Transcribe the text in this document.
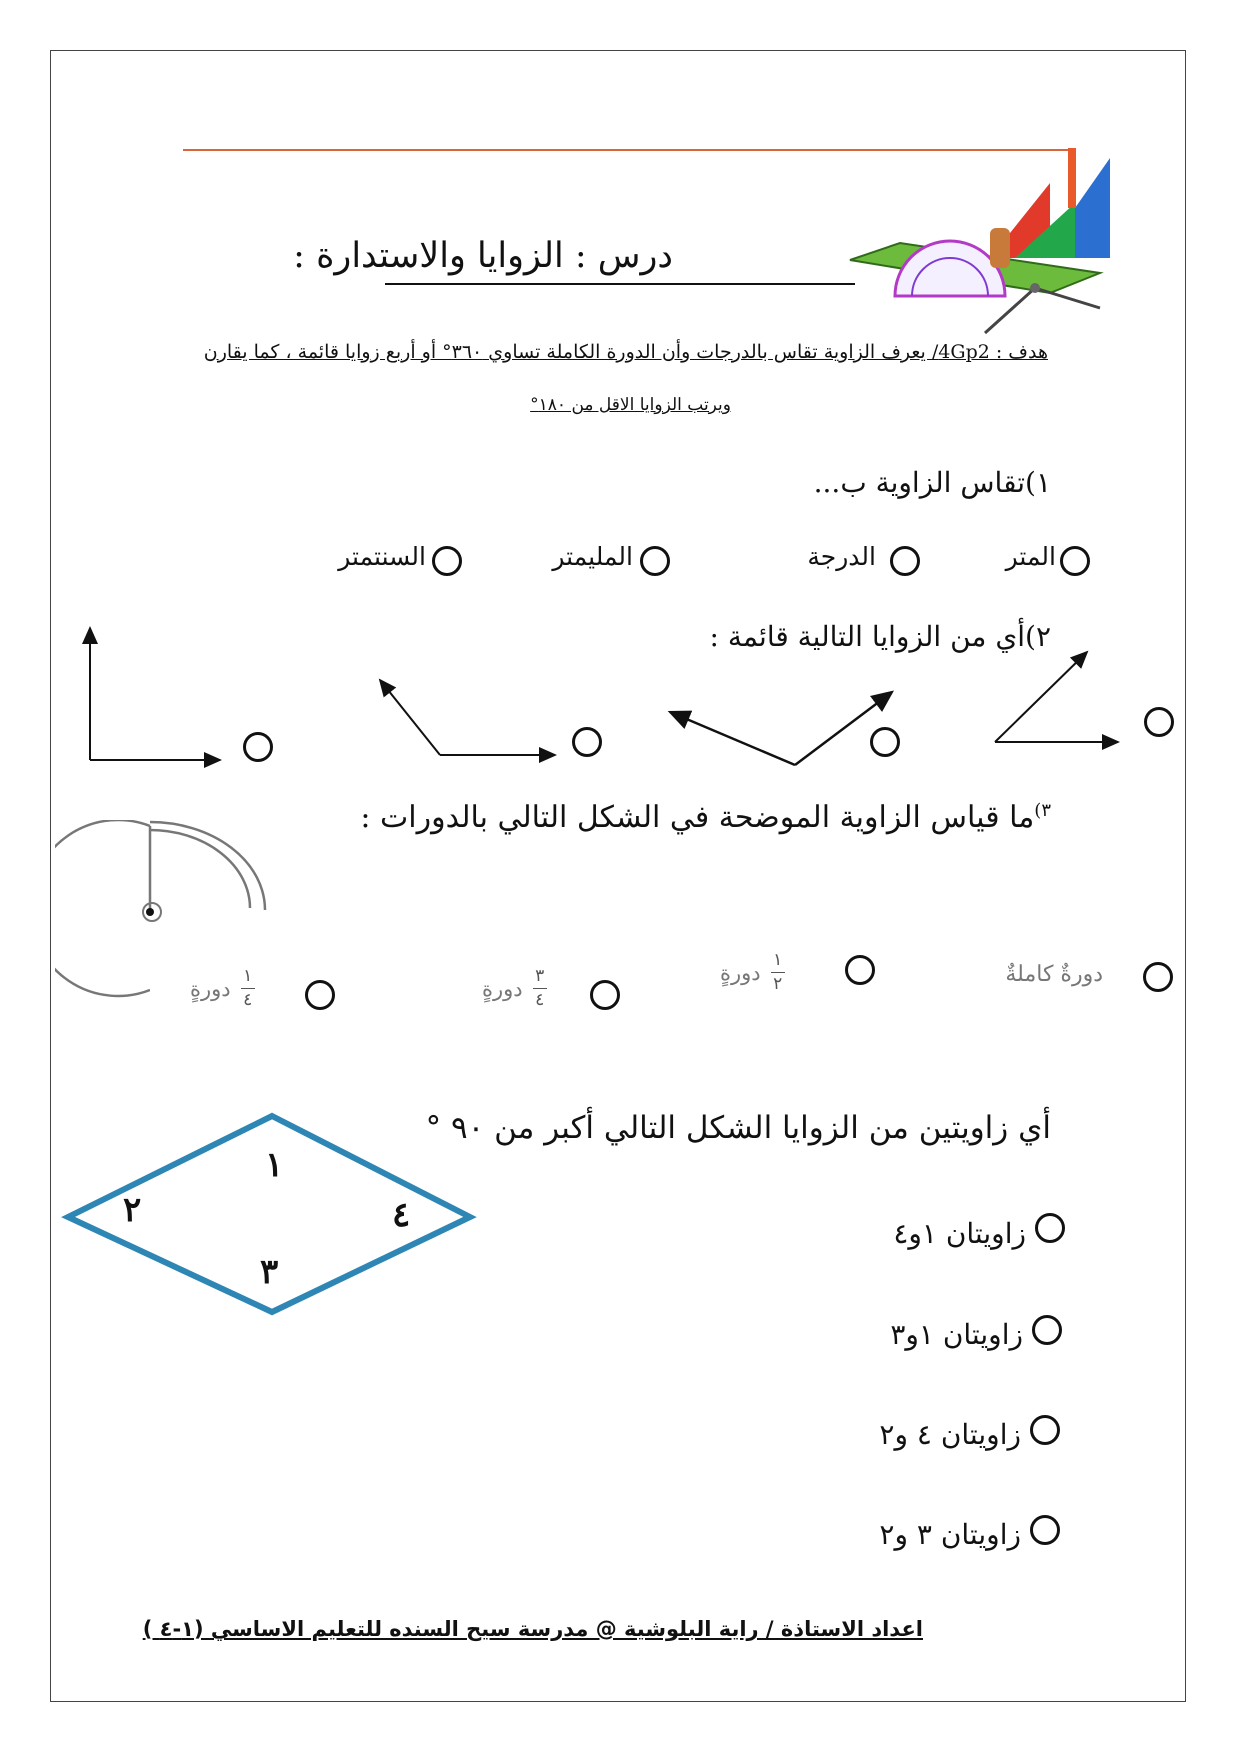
درس : الزوايا والاستدارة :
هدف : 4Gp2/ يعرف الزاوية تقاس بالدرجات وأن الدورة الكاملة تساوي ٣٦٠° أو أربع زوايا قائمة ، كما يقارن
ويرتب الزوايا الاقل من ١٨٠°
١)تقاس الزاوية ب...
المتر
الدرجة
المليمتر
السنتمتر
٢)أي من الزوايا التالية قائمة :
$^{٣)}$ما قياس الزاوية الموضحة في الشكل التالي بالدورات :
دورةٌ كاملةٌ
$\frac{١}{٢}$
دورةٍ
$\frac{٣}{٤}$
دورةٍ
$\frac{١}{٤}$
دورةٍ
أي زاويتين من الزوايا الشكل التالي أكبر من ٩٠ °
١
٢
٣
٤	زاويتان ١و٤
زاويتان ١و٣
زاويتان ٤ و٢
زاويتان ٣ و٢
اعداد الاستاذة / راية البلوشية @ مدرسة سيح السنده للتعليم الاساسي (١-٤ )
